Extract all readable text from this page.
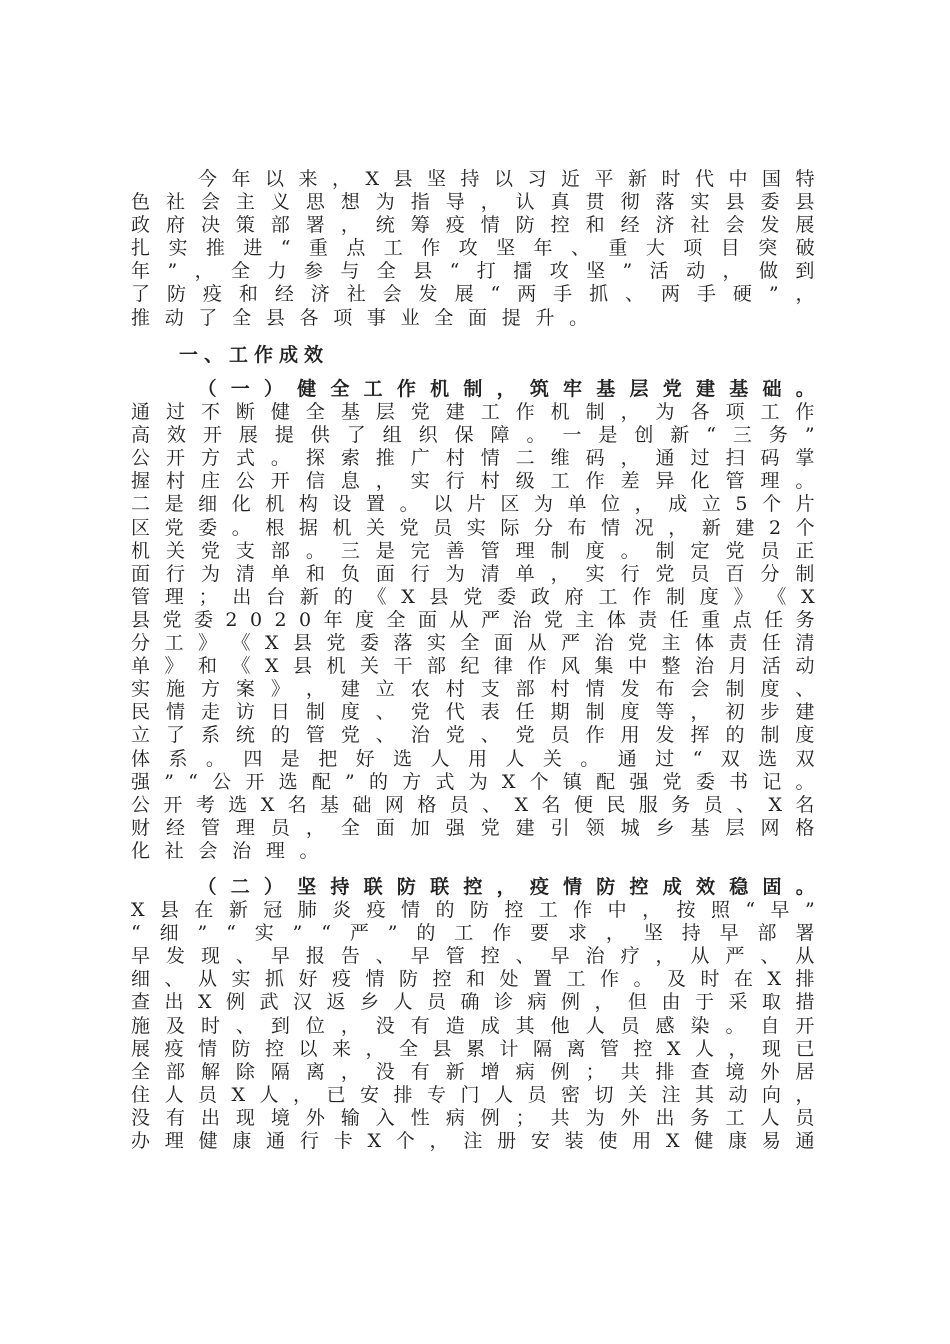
今 年 以 来 ， X 县 坚 持 以 习 近 平 新 时 代 中 国 特
色 社 会 主 义 思 想 为 指 导 ， 认 真 贯 彻 落 实 县 委 县
政 府 决 策 部 署 ， 统 筹 疫 情 防 控 和 经 济 社 会 发 展
扎 实 推 进 “ 重 点 工 作 攻 坚 年 、 重 大 项 目 突 破
年 ” ， 全 力 参 与 全 县 “ 打 擂 攻 坚 ” 活 动 ， 做 到
了 防 疫 和 经 济 社 会 发 展 “ 两 手 抓 、 两 手 硬 ” ，
推 动 了 全 县 各 项 事 业 全 面 提 升 。
一、工作成效

（ 一 ） 健 全 工 作 机 制 ， 筑 牢 基 层 党 建 基 础 。
通 过 不 断 健 全 基 层 党 建 工 作 机 制 ， 为 各 项 工 作
高 效 开 展 提 供 了 组 织 保 障 。 一 是 创 新 “ 三 务 ”
公 开 方 式 。 探 索 推 广 村 情 二 维 码 ， 通 过 扫 码 掌
握 村 庄 公 开 信 息 ， 实 行 村 级 工 作 差 异 化 管 理 。
二 是 细 化 机 构 设 置 。 以 片 区 为 单 位 ， 成 立 5 个 片
区 党 委 。 根 据 机 关 党 员 实 际 分 布 情 况 ， 新 建 2 个
机 关 党 支 部 。 三 是 完 善 管 理 制 度 。 制 定 党 员 正
面 行 为 清 单 和 负 面 行 为 清 单 ， 实 行 党 员 百 分 制
管 理 ； 出 台 新 的 《 X 县 党 委 政 府 工 作 制 度 》 《 X
县 党 委 2 0 2 0 年 度 全 面 从 严 治 党 主 体 责 任 重 点 任 务
分 工 》 《 X 县 党 委 落 实 全 面 从 严 治 党 主 体 责 任 清
单 》 和 《 X 县 机 关 干 部 纪 律 作 风 集 中 整 治 月 活 动
实 施 方 案 》 ， 建 立 农 村 支 部 村 情 发 布 会 制 度 、
民 情 走 访 日 制 度 、 党 代 表 任 期 制 度 等 ， 初 步 建
立 了 系 统 的 管 党 、 治 党 、 党 员 作 用 发 挥 的 制 度
体 系 。 四 是 把 好 选 人 用 人 关 。 通 过 “ 双 选 双
强 ” “ 公 开 选 配 ” 的 方 式 为 X 个 镇 配 强 党 委 书 记 。
公 开 考 选 X 名 基 础 网 格 员 、 X 名 便 民 服 务 员 、 X 名
财 经 管 理 员 ， 全 面 加 强 党 建 引 领 城 乡 基 层 网 格
化 社 会 治 理 。

（ 二 ） 坚 持 联 防 联 控 ， 疫 情 防 控 成 效 稳 固 。
X 县 在 新 冠 肺 炎 疫 情 的 防 控 工 作 中 ， 按 照 “ 早 ”
“ 细 ” “ 实 ” “ 严 ” 的 工 作 要 求 ， 坚 持 早 部 署
早 发 现 、 早 报 告 、 早 管 控 、 早 治 疗 ， 从 严 、 从
细 、 从 实 抓 好 疫 情 防 控 和 处 置 工 作 。 及 时 在 X 排
查 出 X 例 武 汉 返 乡 人 员 确 诊 病 例 ， 但 由 于 采 取 措
施 及 时 、 到 位 ， 没 有 造 成 其 他 人 员 感 染 。 自 开
展 疫 情 防 控 以 来 ， 全 县 累 计 隔 离 管 控 X 人 ， 现 已
全 部 解 除 隔 离 ， 没 有 新 增 病 例 ； 共 排 查 境 外 居
住 人 员 X 人 ， 已 安 排 专 门 人 员 密 切 关 注 其 动 向 ，
没 有 出 现 境 外 输 入 性 病 例 ； 共 为 外 出 务 工 人 员
办 理 健 康 通 行 卡 X 个 ， 注 册 安 装 使 用 X 健 康 易 通
